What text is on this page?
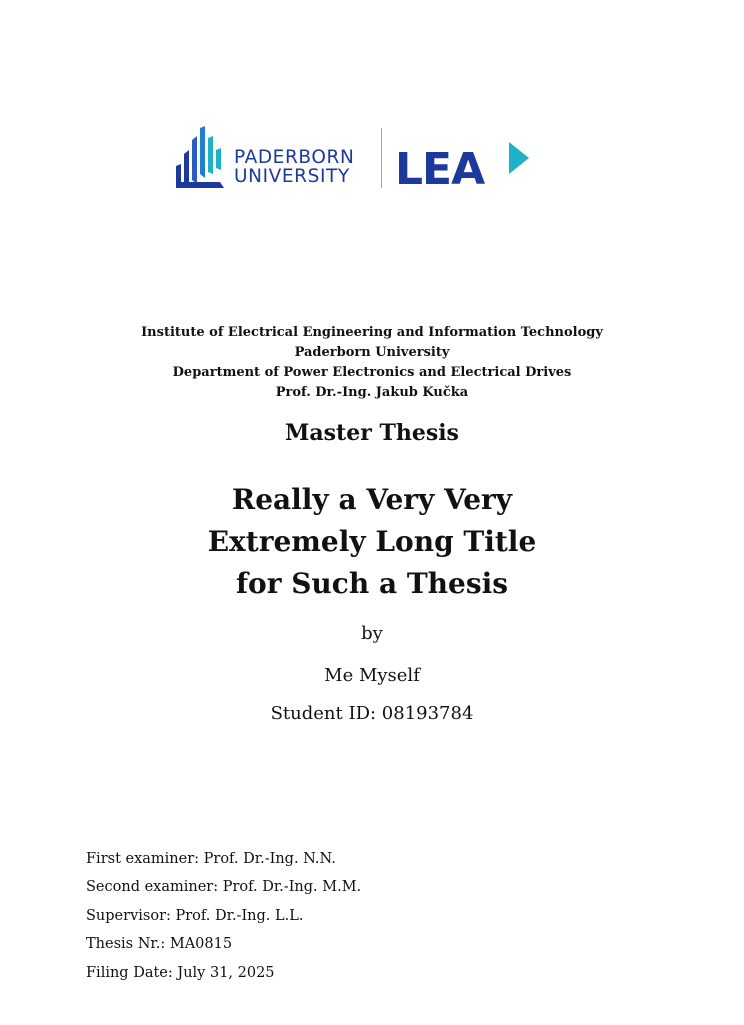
PADERBORN
UNIVERSITY LEA
Institute of Electrical Engineering and Information Technology
Paderborn University
Department of Power Electronics and Electrical Drives
Prof. Dr.-Ing. Jakub Kučka
Master Thesis
Really a Very Very
Extremely Long Title
for Such a Thesis
by
Me Myself
Student ID: 08193784
First examiner: Prof. Dr.-Ing. N.N.
Second examiner: Prof. Dr.-Ing. M.M.
Supervisor: Prof. Dr.-Ing. L.L.
Thesis Nr.: MA0815
Filing Date: July 31, 2025
